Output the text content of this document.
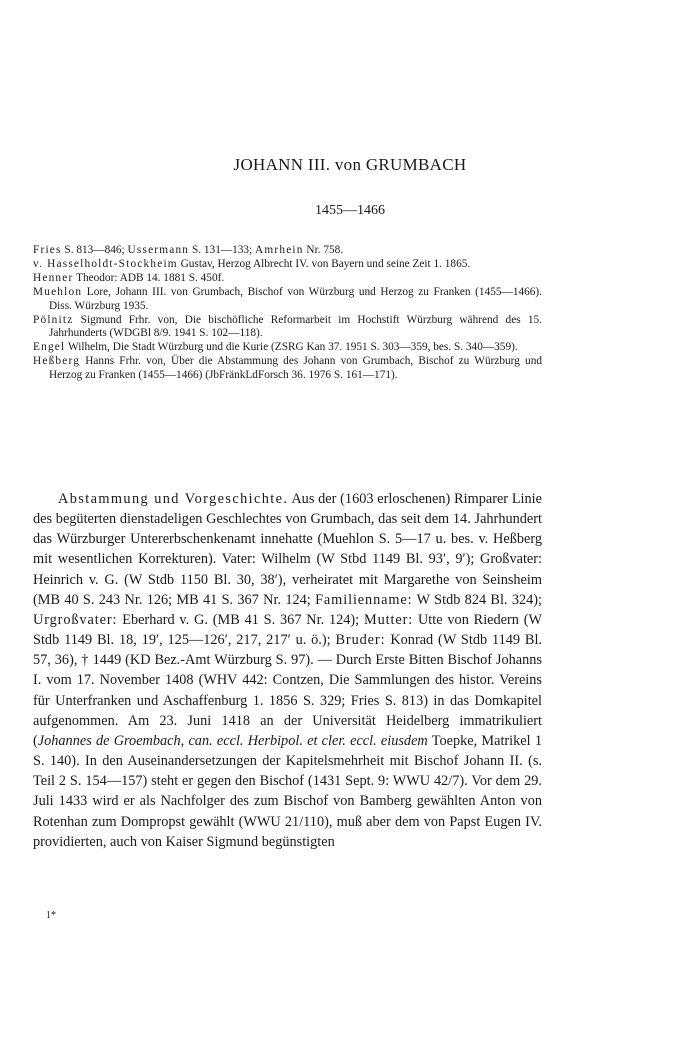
JOHANN III. von GRUMBACH
1455—1466

Fries S. 813—846; Ussermann S. 131—133; Amrhein Nr. 758.

v. Hasselholdt-Stockheim Gustav, Herzog Albrecht IV. von Bayern und seine Zeit 1. 1865.

Henner Theodor: ADB 14. 1881 S. 450f.

Muehlon Lore, Johann III. von Grumbach, Bischof von Würzburg und Herzog zu Franken (1455—1466). Diss. Würzburg 1935.

Pölnitz Sigmund Frhr. von, Die bischöfliche Reformarbeit im Hochstift Würzburg während des 15. Jahrhunderts (WDGBl 8/9. 1941 S. 102—118).

Engel Wilhelm, Die Stadt Würzburg und die Kurie (ZSRG Kan 37. 1951 S. 303—359, bes. S. 340—359).

Heßberg Hanns Frhr. von, Über die Abstammung des Johann von Grumbach, Bischof zu Würzburg und Herzog zu Franken (1455—1466) (JbFränkLdForsch 36. 1976 S. 161—171).

Abstammung und Vorgeschichte. Aus der (1603 erloschenen) Rimparer Linie des begüterten dienstadeligen Geschlechtes von Grumbach, das seit dem 14. Jahrhundert das Würzburger Untererbschenkenamt innehatte (Muehlon S. 5—17 u. bes. v. Heßberg mit wesentlichen Korrekturen). Vater: Wilhelm (W Stbd 1149 Bl. 93′, 9′); Großvater: Heinrich v. G. (W Stdb 1150 Bl. 30, 38′), verheiratet mit Margarethe von Seinsheim (MB 40 S. 243 Nr. 126; MB 41 S. 367 Nr. 124; Familienname: W Stdb 824 Bl. 324); Urgroßvater: Eberhard v. G. (MB 41 S. 367 Nr. 124); Mutter: Utte von Riedern (W Stdb 1149 Bl. 18, 19′, 125—126′, 217, 217′ u. ö.); Bruder: Konrad (W Stdb 1149 Bl. 57, 36), † 1449 (KD Bez.-Amt Würzburg S. 97). — Durch Erste Bitten Bischof Johanns I. vom 17. November 1408 (WHV 442: Contzen, Die Sammlungen des histor. Vereins für Unterfranken und Aschaffenburg 1. 1856 S. 329; Fries S. 813) in das Domkapitel aufgenommen. Am 23. Juni 1418 an der Universität Heidelberg immatrikuliert (Johannes de Groembach, can. eccl. Herbipol. et cler. eccl. eiusdem Toepke, Matrikel 1 S. 140). In den Auseinandersetzungen der Kapitelsmehrheit mit Bischof Johann II. (s. Teil 2 S. 154—157) steht er gegen den Bischof (1431 Sept. 9: WWU 42/7). Vor dem 29. Juli 1433 wird er als Nachfolger des zum Bischof von Bamberg gewählten Anton von Rotenhan zum Dompropst gewählt (WWU 21/110), muß aber dem von Papst Eugen IV. providierten, auch von Kaiser Sigmund begünstigten

1*
